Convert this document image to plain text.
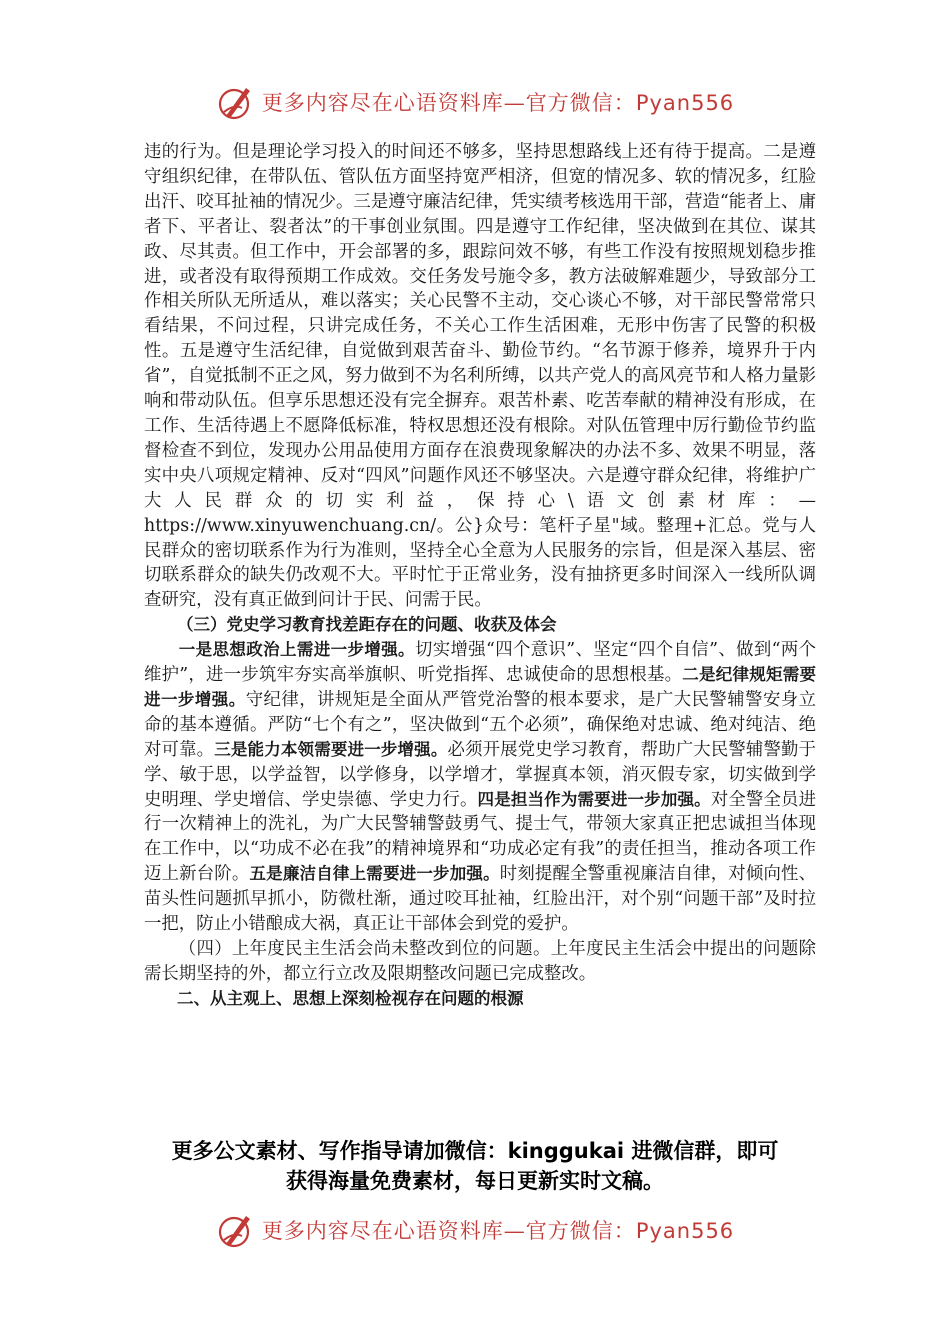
更多内容尽在心语资料库—官方微信：Pyan556

违的行为。但是理论学习投入的时间还不够多，坚持思想路线上还有待于提高。二是遵守组织纪律，在带队伍、管队伍方面坚持宽严相济，但宽的情况多、软的情况多，红脸出汗、咬耳扯袖的情况少。三是遵守廉洁纪律，凭实绩考核选用干部，营造“能者上、庸者下、平者让、裂者汰”的干事创业氛围。四是遵守工作纪律，坚决做到在其位、谋其政、尽其责。但工作中，开会部署的多，跟踪问效不够，有些工作没有按照规划稳步推进，或者没有取得预期工作成效。交任务发号施令多，教方法破解难题少，导致部分工作相关所队无所适从，难以落实；关心民警不主动，交心谈心不够，对干部民警常常只看结果，不问过程，只讲完成任务，不关心工作生活困难，无形中伤害了民警的积极性。五是遵守生活纪律，自觉做到艰苦奋斗、勤俭节约。“名节源于修养，境界升于内省”，自觉抵制不正之风，努力做到不为名利所缚，以共产党人的高风亮节和人格力量影响和带动队伍。但享乐思想还没有完全摒弃。艰苦朴素、吃苦奉献的精神没有形成，在工作、生活待遇上不愿降低标准，特权思想还没有根除。对队伍管理中厉行勤俭节约监督检查不到位，发现办公用品使用方面存在浪费现象解决的办法不多、效果不明显，落实中央八项规定精神、反对“四风”问题作风还不够坚决。六是遵守群众纪律，将维护广大人民群众的切实利益，保持心\语文创素材库：—https://www.xinyuwenchuang.cn/。公}众号：笔杆子星"域。整理+汇总。党与人民群众的密切联系作为行为准则，坚持全心全意为人民服务的宗旨，但是深入基层、密切联系群众的缺失仍改观不大。平时忙于正常业务，没有抽挤更多时间深入一线所队调查研究，没有真正做到问计于民、问需于民。

（三）党史学习教育找差距存在的问题、收获及体会

一是思想政治上需进一步增强。切实增强“四个意识”、坚定“四个自信”、做到“两个维护”，进一步筑牢夯实高举旗帜、听党指挥、忠诚使命的思想根基。二是纪律规矩需要进一步增强。守纪律，讲规矩是全面从严管党治警的根本要求，是广大民警辅警安身立命的基本遵循。严防“七个有之”，坚决做到“五个必须”，确保绝对忠诚、绝对纯洁、绝对可靠。三是能力本领需要进一步增强。必须开展党史学习教育，帮助广大民警辅警勤于学、敏于思，以学益智，以学修身，以学增才，掌握真本领，消灭假专家，切实做到学史明理、学史增信、学史崇德、学史力行。四是担当作为需要进一步加强。对全警全员进行一次精神上的洗礼，为广大民警辅警鼓勇气、提士气，带领大家真正把忠诚担当体现在工作中，以“功成不必在我”的精神境界和“功成必定有我”的责任担当，推动各项工作迈上新台阶。五是廉洁自律上需要进一步加强。时刻提醒全警重视廉洁自律，对倾向性、苗头性问题抓早抓小，防微杜渐，通过咬耳扯袖，红脸出汗，对个别“问题干部”及时拉一把，防止小错酿成大祸，真正让干部体会到党的爱护。

（四）上年度民主生活会尚未整改到位的问题。上年度民主生活会中提出的问题除需长期坚持的外，都立行立改及限期整改问题已完成整改。

二、从主观上、思想上深刻检视存在问题的根源

更多公文素材、写作指导请加微信：kinggukai 进微信群，即可
获得海量免费素材，每日更新实时文稿。
更多内容尽在心语资料库—官方微信：Pyan556
